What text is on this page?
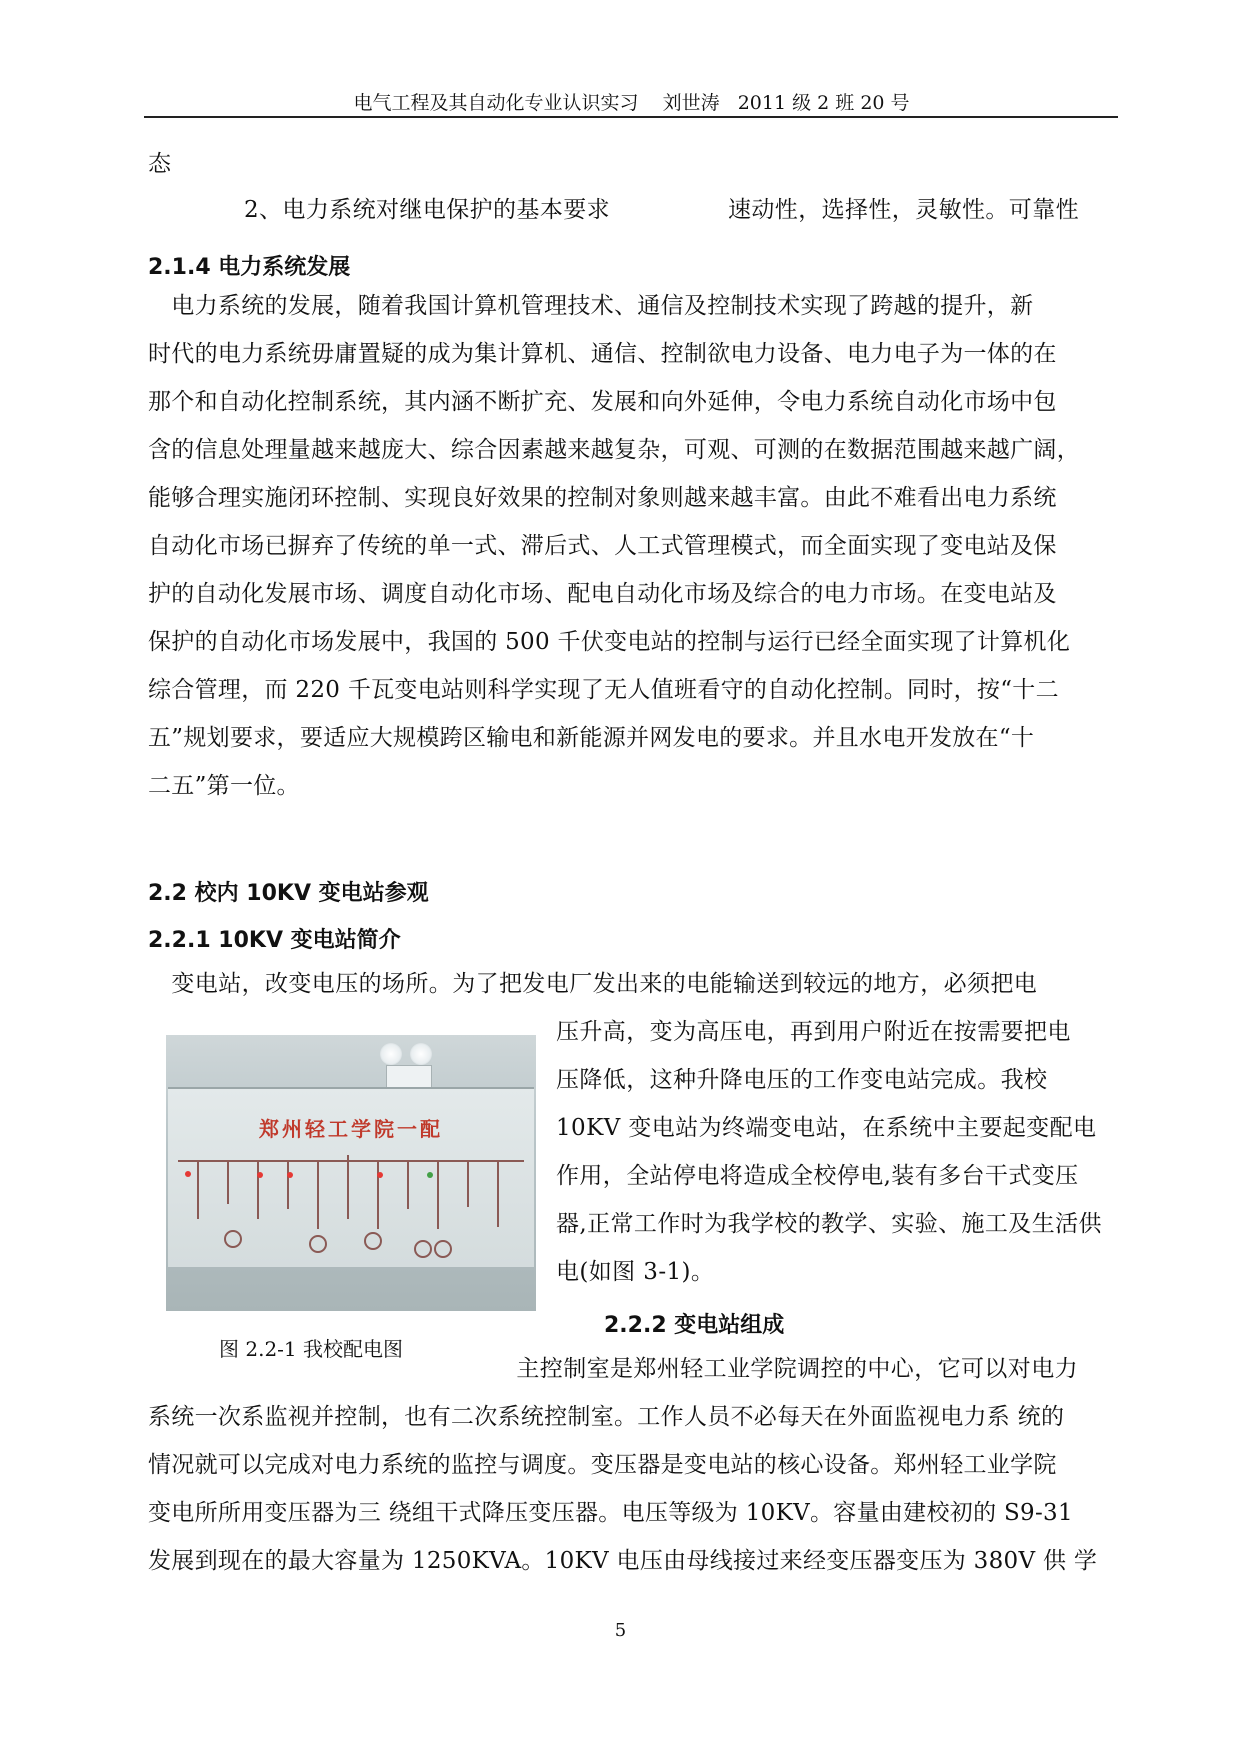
电气工程及其自动化专业认识实习    刘世涛   2011 级 2 班 20 号
态
2、电力系统对继电保护的基本要求	速动性，选择性，灵敏性。可靠性
2.1.4 电力系统发展
　电力系统的发展，随着我国计算机管理技术、通信及控制技术实现了跨越的提升，新
时代的电力系统毋庸置疑的成为集计算机、通信、控制欲电力设备、电力电子为一体的在
那个和自动化控制系统，其内涵不断扩充、发展和向外延伸，令电力系统自动化市场中包
含的信息处理量越来越庞大、综合因素越来越复杂，可观、可测的在数据范围越来越广阔，
能够合理实施闭环控制、实现良好效果的控制对象则越来越丰富。由此不难看出电力系统
自动化市场已摒弃了传统的单一式、滞后式、人工式管理模式，而全面实现了变电站及保
护的自动化发展市场、调度自动化市场、配电自动化市场及综合的电力市场。在变电站及
保护的自动化市场发展中，我国的 500 千伏变电站的控制与运行已经全面实现了计算机化
综合管理，而 220 千瓦变电站则科学实现了无人值班看守的自动化控制。同时，按“十二
五”规划要求，要适应大规模跨区输电和新能源并网发电的要求。并且水电开发放在“十
二五”第一位。
2.2 校内 10KV 变电站参观
2.2.1 10KV 变电站简介
　变电站，改变电压的场所。为了把发电厂发出来的电能输送到较远的地方，必须把电
郑州轻工学院一配
压升高，变为高压电，再到用户附近在按需要把电
压降低，这种升降电压的工作变电站完成。我校
10KV 变电站为终端变电站，在系统中主要起变配电
作用，全站停电将造成全校停电,装有多台干式变压
器,正常工作时为我学校的教学、实验、施工及生活供
电(如图 3-1)。
2.2.2 变电站组成
图 2.2-1 我校配电图
　主控制室是郑州轻工业学院调控的中心，它可以对电力
系统一次系监视并控制，也有二次系统控制室。工作人员不必每天在外面监视电力系 统的
情况就可以完成对电力系统的监控与调度。变压器是变电站的核心设备。郑州轻工业学院
变电所所用变压器为三 绕组干式降压变压器。电压等级为 10KV。容量由建校初的 S9-31
发展到现在的最大容量为 1250KVA。10KV 电压由母线接过来经变压器变压为 380V 供 学
5
